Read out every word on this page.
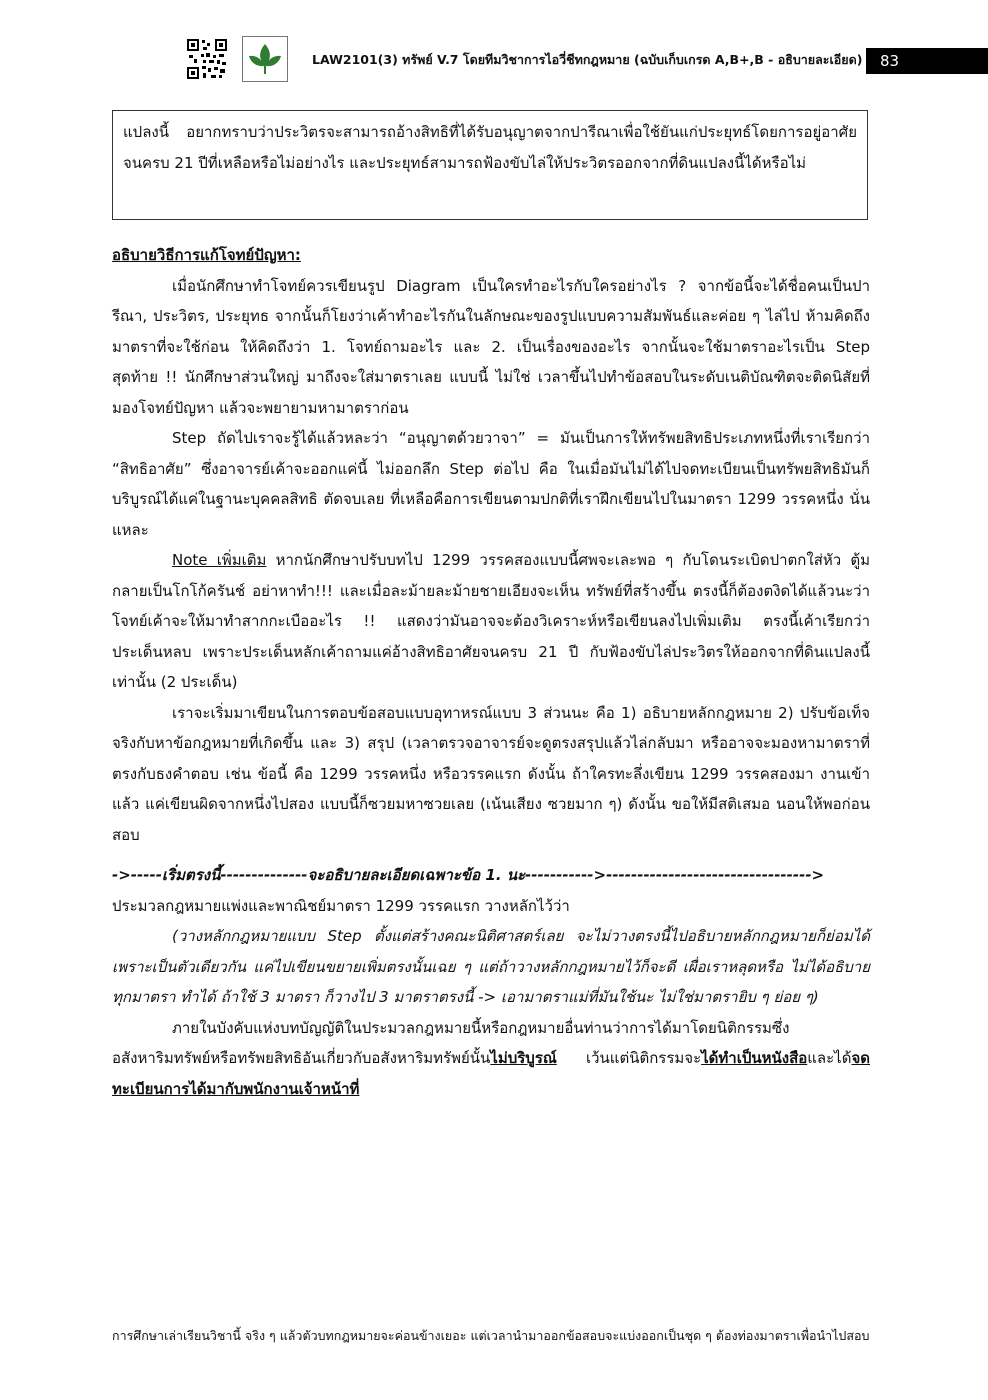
LAW2101(3) ทรัพย์ V.7 โดยทีมวิชาการไอวี่ชีทกฎหมาย (ฉบับเก็บเกรด A,B+,B - อธิบายละเอียด)	83
แปลงนี้ อยากทราบว่าประวิตรจะสามารถอ้างสิทธิที่ได้รับอนุญาตจากปารีณาเพื่อใช้ยันแก่ประยุทธ์โดยการอยู่อาศัยจนครบ 21 ปีที่เหลือหรือไม่อย่างไร และประยุทธ์สามารถฟ้องขับไล่ให้ประวิตรออกจากที่ดินแปลงนี้ได้หรือไม่

อธิบายวิธีการแก้โจทย์ปัญหา:

เมื่อนักศึกษาทำโจทย์ควรเขียนรูป Diagram เป็นใครทำอะไรกับใครอย่างไร ? จากข้อนี้จะได้ชื่อคนเป็นปารีณา, ประวิตร, ประยุทธ จากนั้นก็โยงว่าเค้าทำอะไรกันในลักษณะของรูปแบบความสัมพันธ์และค่อย ๆ ไล่ไป ห้ามคิดถึงมาตราที่จะใช้ก่อน ให้คิดถึงว่า 1. โจทย์ถามอะไร และ 2. เป็นเรื่องของอะไร จากนั้นจะใช้มาตราอะไรเป็น Step สุดท้าย !! นักศึกษาส่วนใหญ่ มาถึงจะใส่มาตราเลย แบบนี้ ไม่ใช่ เวลาขึ้นไปทำข้อสอบในระดับเนติบัณฑิตจะติดนิสัยที่มองโจทย์ปัญหา แล้วจะพยายามหามาตราก่อน

Step ถัดไปเราจะรู้ได้แล้วหละว่า “อนุญาตด้วยวาจา” = มันเป็นการให้ทรัพยสิทธิประเภทหนึ่งที่เราเรียกว่า “สิทธิอาศัย” ซึ่งอาจารย์เค้าจะออกแค่นี้ ไม่ออกลึก Step ต่อไป คือ ในเมื่อมันไม่ได้ไปจดทะเบียนเป็นทรัพยสิทธิมันก็บริบูรณ์ได้แค่ในฐานะบุคคลสิทธิ ตัดจบเลย ที่เหลือคือการเขียนตามปกติที่เราฝึกเขียนไปในมาตรา 1299 วรรคหนึ่ง นั่นแหละ

Note เพิ่มเติม หากนักศึกษาปรับบทไป 1299 วรรคสองแบบนี้ศพจะเละพอ ๆ กับโดนระเบิดปาตกใส่หัว ตู้ม กลายเป็นโกโก้ครันช์ อย่าหาทำ!!! และเมื่อละม้ายละม้ายชายเอียงจะเห็น ทรัพย์ที่สร้างขึ้น ตรงนี้ก็ต้องตงิดได้แล้วนะว่าโจทย์เค้าจะให้มาทำสากกะเบืออะไร !! แสดงว่ามันอาจจะต้องวิเคราะห์หรือเขียนลงไปเพิ่มเติม ตรงนี้เค้าเรียกว่าประเด็นหลบ เพราะประเด็นหลักเค้าถามแค่อ้างสิทธิอาศัยจนครบ 21 ปี กับฟ้องขับไล่ประวิตรให้ออกจากที่ดินแปลงนี้เท่านั้น (2 ประเด็น)

เราจะเริ่มมาเขียนในการตอบข้อสอบแบบอุทาหรณ์แบบ 3 ส่วนนะ คือ 1) อธิบายหลักกฎหมาย 2) ปรับข้อเท็จจริงกับหาข้อกฎหมายที่เกิดขึ้น และ 3) สรุป (เวลาตรวจอาจารย์จะดูตรงสรุปแล้วไล่กลับมา หรืออาจจะมองหามาตราที่ตรงกับธงคำตอบ เช่น ข้อนี้ คือ 1299 วรรคหนึ่ง หรือวรรคแรก ดังนั้น ถ้าใครทะลึ่งเขียน 1299 วรรคสองมา งานเข้าแล้ว แค่เขียนผิดจากหนึ่งไปสอง แบบนี้ก็ซวยมหาซวยเลย (เน้นเสียง ซวยมาก ๆ) ดังนั้น ขอให้มีสติเสมอ นอนให้พอก่อนสอบ

->-----เริ่มตรงนี้--------------จะอธิบายละเอียดเฉพาะข้อ 1. นะ----------->--------------------------------->

ประมวลกฎหมายแพ่งและพาณิชย์มาตรา 1299 วรรคแรก วางหลักไว้ว่า

(วางหลักกฎหมายแบบ Step ตั้งแต่สร้างคณะนิติศาสตร์เลย จะไม่วางตรงนี้ไปอธิบายหลักกฎหมายก็ย่อมได้ เพราะเป็นตัวเดียวกัน แค่ไปเขียนขยายเพิ่มตรงนั้นเฉย ๆ แต่ถ้าวางหลักกฎหมายไว้ก็จะดี เผื่อเราหลุดหรือ ไม่ได้อธิบายทุกมาตรา ทำได้ ถ้าใช้ 3 มาตรา ก็วางไป 3 มาตราตรงนี้ -> เอามาตราแม่ที่มันใช้นะ ไม่ใช่มาตรายิบ ๆ ย่อย ๆ)

ภายในบังคับแห่งบทบัญญัติในประมวลกฎหมายนี้หรือกฎหมายอื่นท่านว่าการได้มาโดยนิติกรรมซึ่งอสังหาริมทรัพย์หรือทรัพยสิทธิอันเกี่ยวกับอสังหาริมทรัพย์นั้นไม่บริบูรณ์ เว้นแต่นิติกรรมจะได้ทำเป็นหนังสือและได้จดทะเบียนการได้มากับพนักงานเจ้าหน้าที่

การศึกษาเล่าเรียนวิชานี้ จริง ๆ แล้วตัวบทกฎหมายจะค่อนข้างเยอะ แต่เวลานำมาออกข้อสอบจะแบ่งออกเป็นชุด ๆ ต้องท่องมาตราเพื่อนำไปสอบ
